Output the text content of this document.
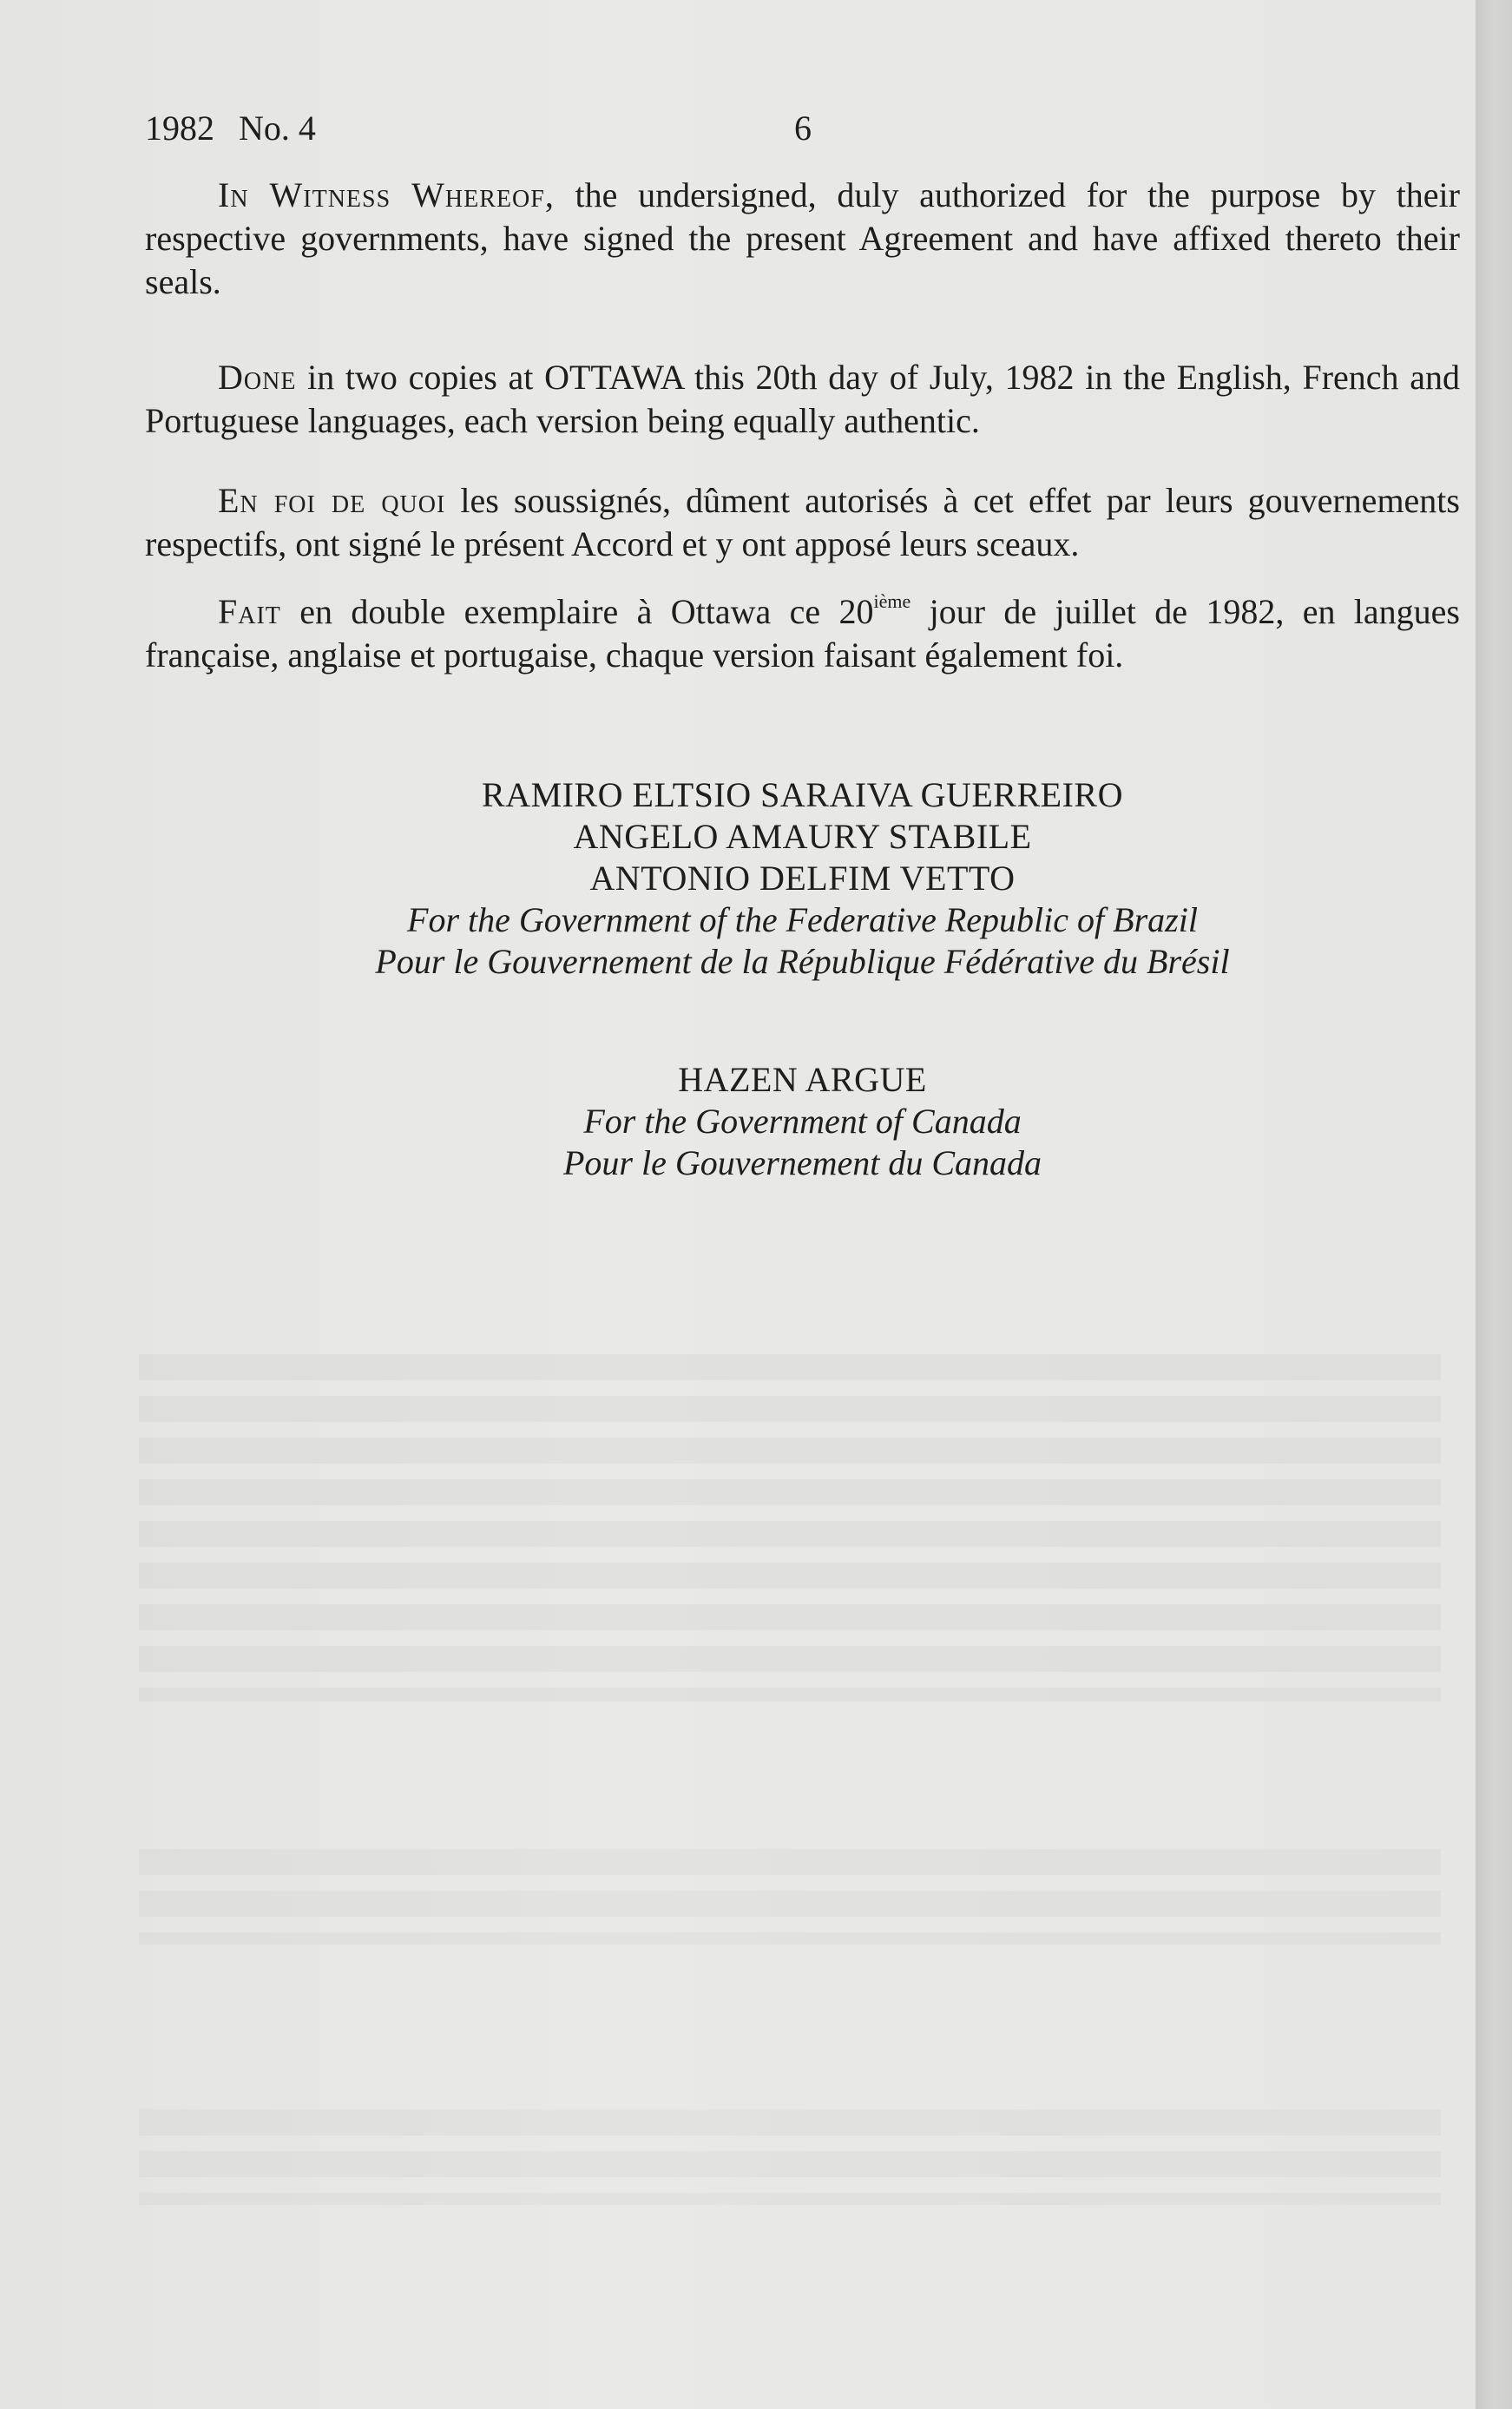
1982 No. 4	6

In Witness Whereof, the undersigned, duly authorized for the purpose by their respective governments, have signed the present Agreement and have affixed thereto their seals.

Done in two copies at OTTAWA this 20th day of July, 1982 in the English, French and Portuguese languages, each version being equally authentic.

En foi de quoi les soussignés, dûment autorisés à cet effet par leurs gouvernements respectifs, ont signé le présent Accord et y ont apposé leurs sceaux.

Fait en double exemplaire à Ottawa ce 20ième jour de juillet de 1982, en langues française, anglaise et portugaise, chaque version faisant également foi.

RAMIRO ELTSIO SARAIVA GUERREIRO
ANGELO AMAURY STABILE
ANTONIO DELFIM VETTO
For the Government of the Federative Republic of Brazil
Pour le Gouvernement de la République Fédérative du Brésil
HAZEN ARGUE
For the Government of Canada
Pour le Gouvernement du Canada
